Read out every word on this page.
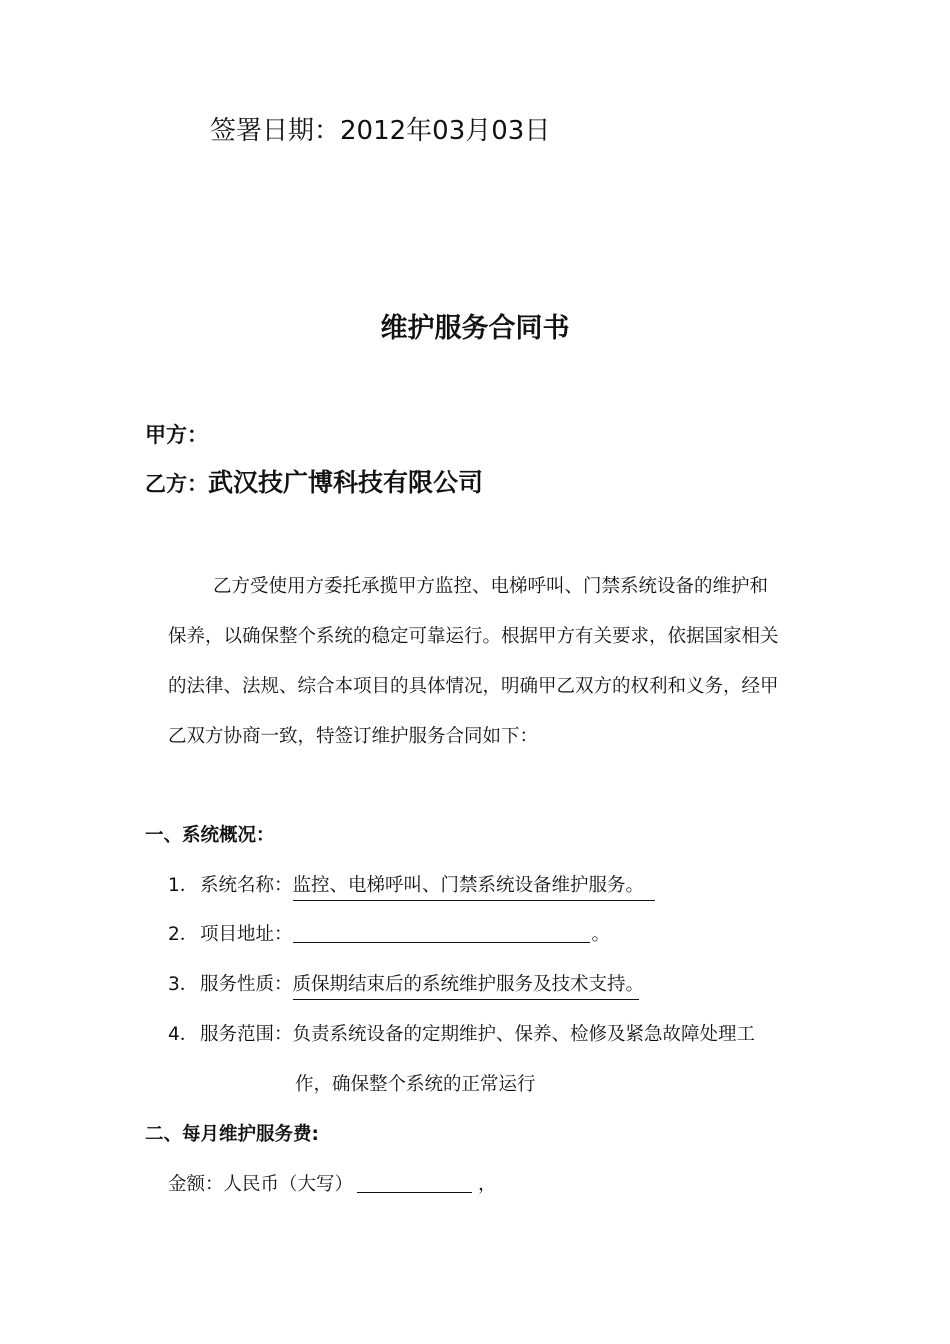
签署日期：2012年03月03日
维护服务合同书
甲方：
乙方： 武汉技广博科技有限公司
乙方受使用方委托承揽甲方监控、电梯呼叫、门禁系统设备的维护和
保养，以确保整个系统的稳定可靠运行。根据甲方有关要求，依据国家相关
的法律、法规、综合本项目的具体情况，明确甲乙双方的权利和义务，经甲
乙双方协商一致，特签订维护服务合同如下：
一、系统概况：
1． 系统名称： 监控、电梯呼叫、门禁系统设备维护服务。
2． 项目地址：	。
3． 服务性质： 质保期结束后的系统维护服务及技术支持。
4． 服务范围： 负责系统设备的定期维护、保养、检修及紧急故障处理工
作，确保整个系统的正常运行
二、每月维护服务费:
金额：人民币（大写）	，
